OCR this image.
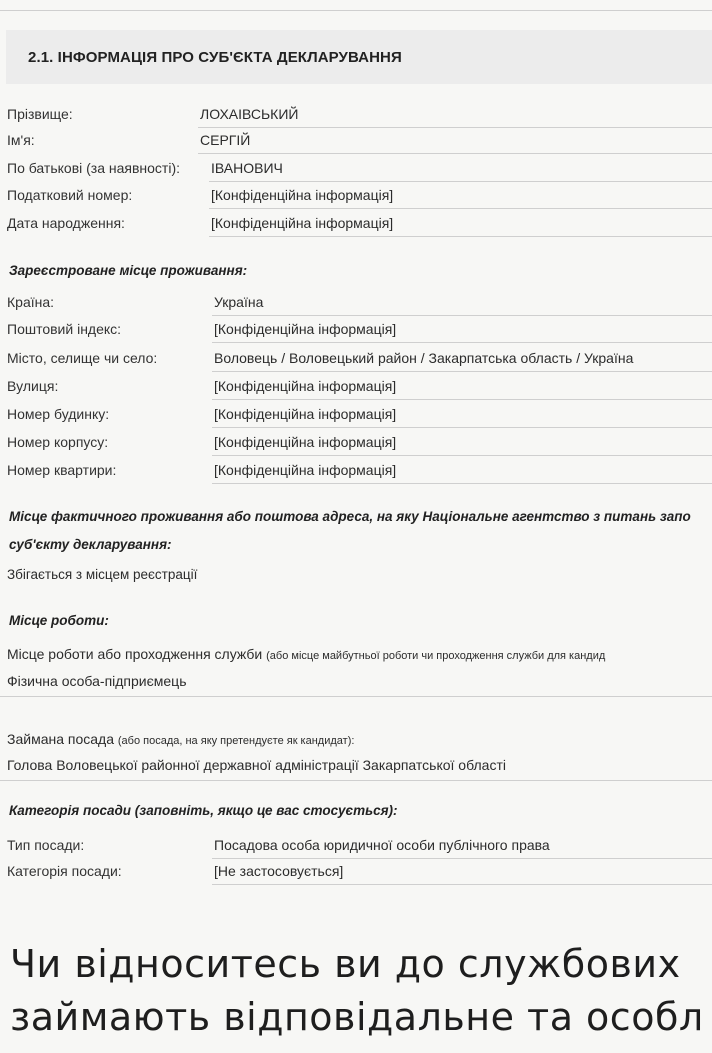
2.1. ІНФОРМАЦІЯ ПРО СУБ'ЄКТА ДЕКЛАРУВАННЯ
Прізвище:	ЛОХАІВСЬКИЙ
Ім'я:	СЕРГІЙ
По батькові (за наявності): ІВАНОВИЧ
Податковий номер:	[Конфіденційна інформація]
Дата народження:	[Конфіденційна інформація]
Зареєстроване місце проживання:
Країна:	Україна
Поштовий індекс:	[Конфіденційна інформація]
Місто, селище чи село:	Воловець / Воловецький район / Закарпатська область / Україна
Вулиця:	[Конфіденційна інформація]
Номер будинку:	[Конфіденційна інформація]
Номер корпусу:	[Конфіденційна інформація]
Номер квартири:	[Конфіденційна інформація]
Місце фактичного проживання або поштова адреса, на яку Національне агентство з питань запо
суб'єкту декларування:
Збігається з місцем реєстрації
Місце роботи:
Місце роботи або проходження служби (або місце майбутньої роботи чи проходження служби для кандид
Фізична особа-підприємець
Займана посада (або посада, на яку претендуєте як кандидат):
Голова Воловецької районної державної адміністрації Закарпатської області
Категорія посади (заповніть, якщо це вас стосується):
Тип посади:	Посадова особа юридичної особи публічного права
Категорія посади:	[Не застосовується]
Чи відноситесь ви до службових
займають відповідальне та особл
